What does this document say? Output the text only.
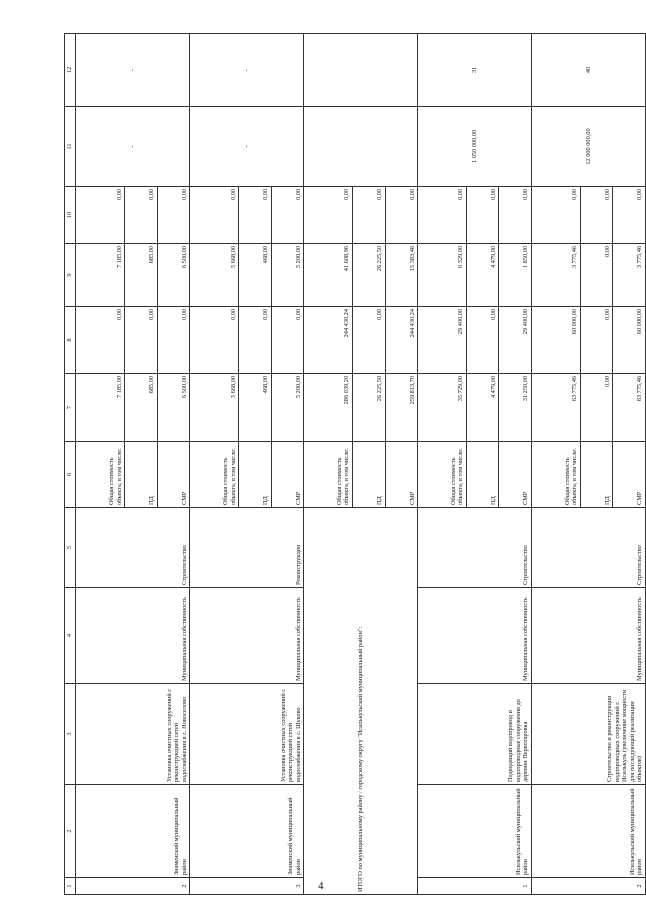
4
1	2	3	4	5	6	7	8	9	10	11	12
2	Знаменский муниципальный район	Установка очистных сооружений с реконструкцией сетей водоснабжения в с. Новоселово	Муниципальная собственность	Строительство	Общая стоимость объекта, в том числе:	7 185,00	0,00	7 185,00	0,00	-	-
					ПД	685,00	0,00	685,00	0,00		
					СМР	6 500,00	0,00	6 500,00	0,00		
3	Знаменский муниципальный район	Установка очистных сооружений с реконструкцией сетей водоснабжения в с. Шуково	Муниципальная собственность	Реконструкция	Общая стоимость объекта, в том числе:	5 668,00	0,00	5 668,00	0,00	-	-
					ПД	468,00	0,00	468,00	0,00		
					СМР	5 200,00	0,00	5 200,00	0,00		
ИТОГО по муниципальному району / городскому округу "Исилькульский муниципальный район":					Общая стоимость объекта, в том числе:	286 039,20	244 430,24	41 608,96	0,00		
					ПД	26 225,50	0,00	26 225,50	0,00		
					СМР	259 813,70	244 430,24	15 383,46	0,00		
1	Исилькульский муниципальный район	Подводящий водопровод и водопроводные сооружения до деревни Первотаровка	Муниципальная собственность	Строительство	Общая стоимость объекта, в том числе:	35 729,00	29 400,00	6 329,00	0,00	1 050 000,00	31
					ПД	4 479,00	0,00	4 479,00	0,00		
					СМР	31 250,00	29 400,00	1 850,00	0,00		
2	Исилькульский муниципальный район	Строительство и реконструкция водопроводных сооружений г. Исилькуль (увеличение мощности для последующей реализации объектов)	Муниципальная собственность	Строительство	Общая стоимость объекта, в том числе:	63 775,46	60 000,00	3 775,46	0,00	12 000 000,00	40
					ПД	0,00	0,00	0,00	0,00		
					СМР	63 775,46	60 000,00	3 775,46	0,00		
